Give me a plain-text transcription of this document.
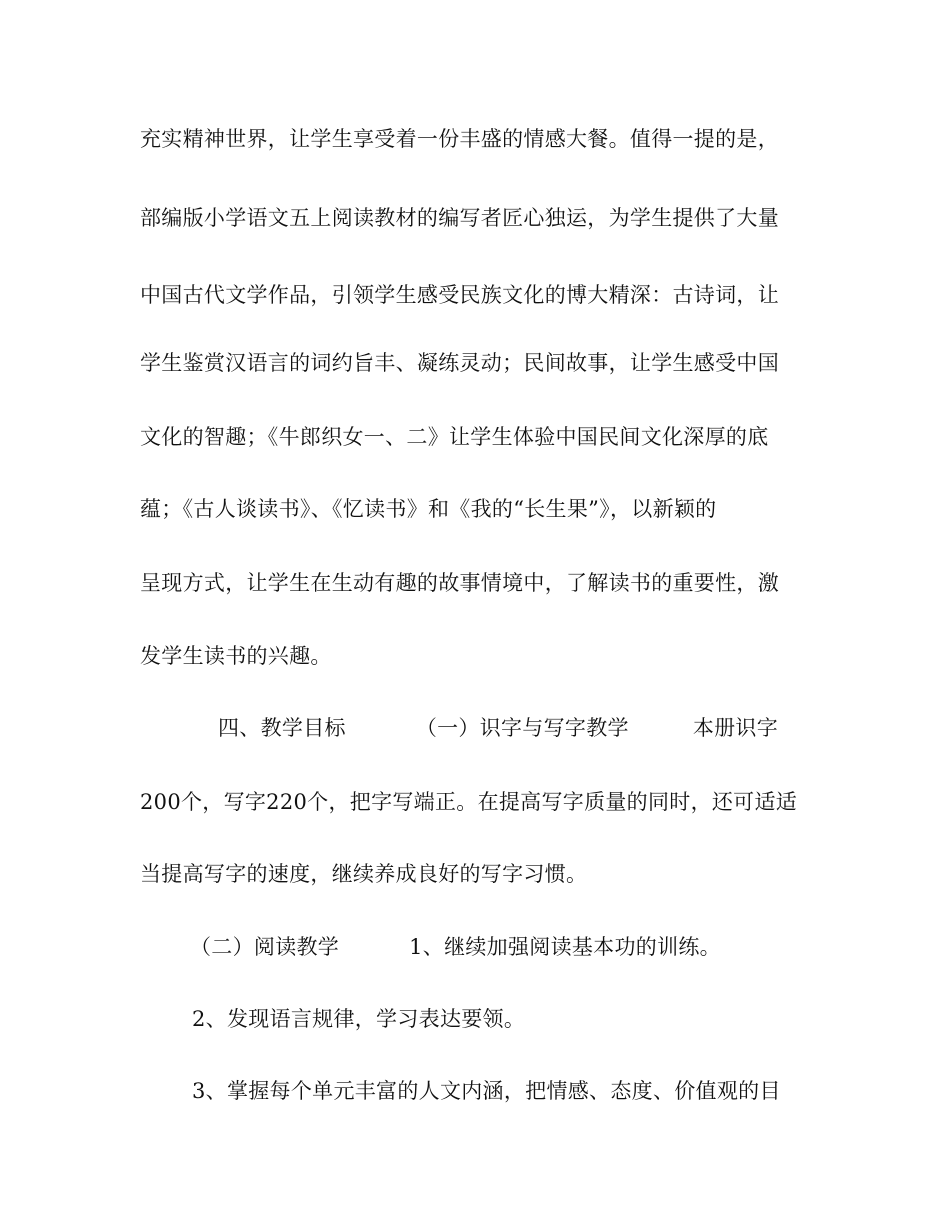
充实精神世界，让学生享受着一份丰盛的情感大餐。值得一提的是，

部编版小学语文五上阅读教材的编写者匠心独运，为学生提供了大量

中国古代文学作品，引领学生感受民族文化的博大精深：古诗词，让

学生鉴赏汉语言的词约旨丰、凝练灵动；民间故事，让学生感受中国

文化的智趣；《牛郎织女一、二》让学生体验中国民间文化深厚的底

蕴；《古人谈读书》、《忆读书》和《我的“长生果”》，以新颖的

呈现方式，让学生在生动有趣的故事情境中，了解读书的重要性，激

发学生读书的兴趣。

四、教学目标	（一）识字与写字教学	本册识字

200个，写字220个，把字写端正。在提高写字质量的同时，还可适适

当提高写字的速度，继续养成良好的写字习惯。

（二）阅读教学	1、继续加强阅读基本功的训练。

2、发现语言规律，学习表达要领。

3、掌握每个单元丰富的人文内涵，把情感、态度、价值观的目
